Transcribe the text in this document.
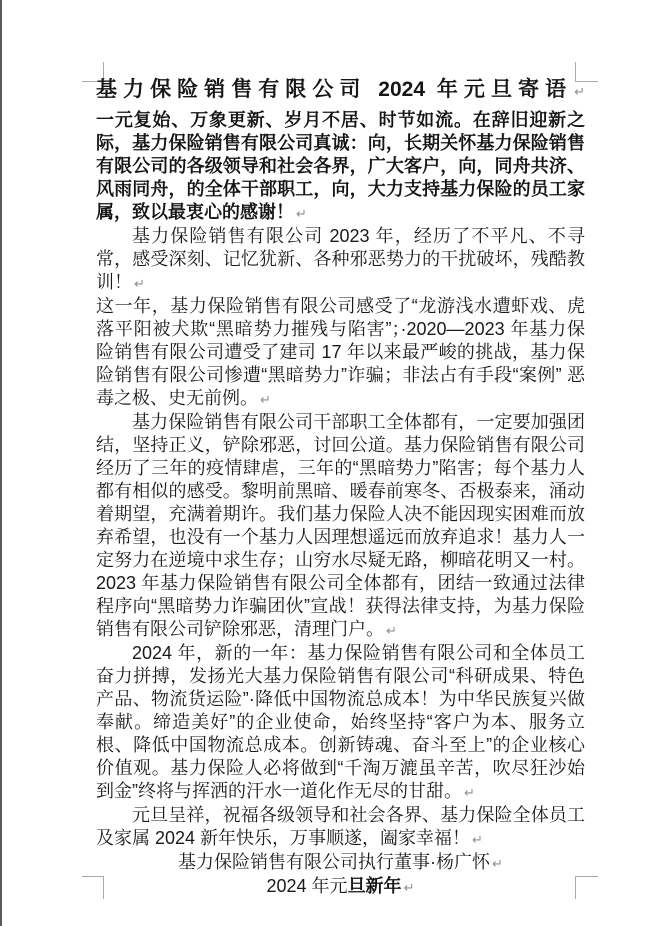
基力保险销售有限公司 2024 年元旦寄语 ↵

一元复始、万象更新、岁月不居、时节如流。在辞旧迎新之际，基力保险销售有限公司真诚：向，长期关怀基力保险销售有限公司的各级领导和社会各界，广大客户，向，同舟共济、风雨同舟，的全体干部职工，向，大力支持基力保险的员工家属，致以最衷心的感谢！ ↵

基力保险销售有限公司 2023 年，经历了不平凡、不寻常，感受深刻、记忆犹新、各种邪恶势力的干扰破坏，残酷教训！ ↵

这一年，基力保险销售有限公司感受了“龙游浅水遭虾戏、虎落平阳被犬欺“黑暗势力摧残与陷害”；·2020—2023 年基力保险销售有限公司遭受了建司 17 年以来最严峻的挑战，基力保险销售有限公司惨遭“黑暗势力”诈骗；非法占有手段“案例” 恶毒之极、史无前例。 ↵

基力保险销售有限公司干部职工全体都有，一定要加强团结，坚持正义，铲除邪恶，讨回公道。基力保险销售有限公司经历了三年的疫情肆虐，三年的“黑暗势力”陷害；每个基力人都有相似的感受。黎明前黑暗、暖春前寒冬、否极泰来，涌动着期望，充满着期许。我们基力保险人决不能因现实困难而放弃希望，也没有一个基力人因理想遥远而放弃追求！基力人一定努力在逆境中求生存；山穷水尽疑无路，柳暗花明又一村。2023 年基力保险销售有限公司全体都有，团结一致通过法律程序向“黑暗势力诈骗团伙”宣战！获得法律支持，为基力保险销售有限公司铲除邪恶，清理门户。 ↵

2024 年，新的一年：基力保险销售有限公司和全体员工奋力拼搏，发扬光大基力保险销售有限公司“科研成果、特色产品、物流货运险”·降低中国物流总成本！为中华民族复兴做奉献。缔造美好”的企业使命，始终坚持“客户为本、服务立根、降低中国物流总成本。创新铸魂、奋斗至上”的企业核心价值观。基力保险人必将做到“千淘万漉虽辛苦，吹尽狂沙始到金”终将与挥洒的汗水一道化作无尽的甘甜。 ↵

元旦呈祥，祝福各级领导和社会各界、基力保险全体员工及家属 2024 新年快乐，万事顺遂，阖家幸福！ ↵

基力保险销售有限公司执行董事·杨广怀 ↵

2024 年元旦新年 ↵
